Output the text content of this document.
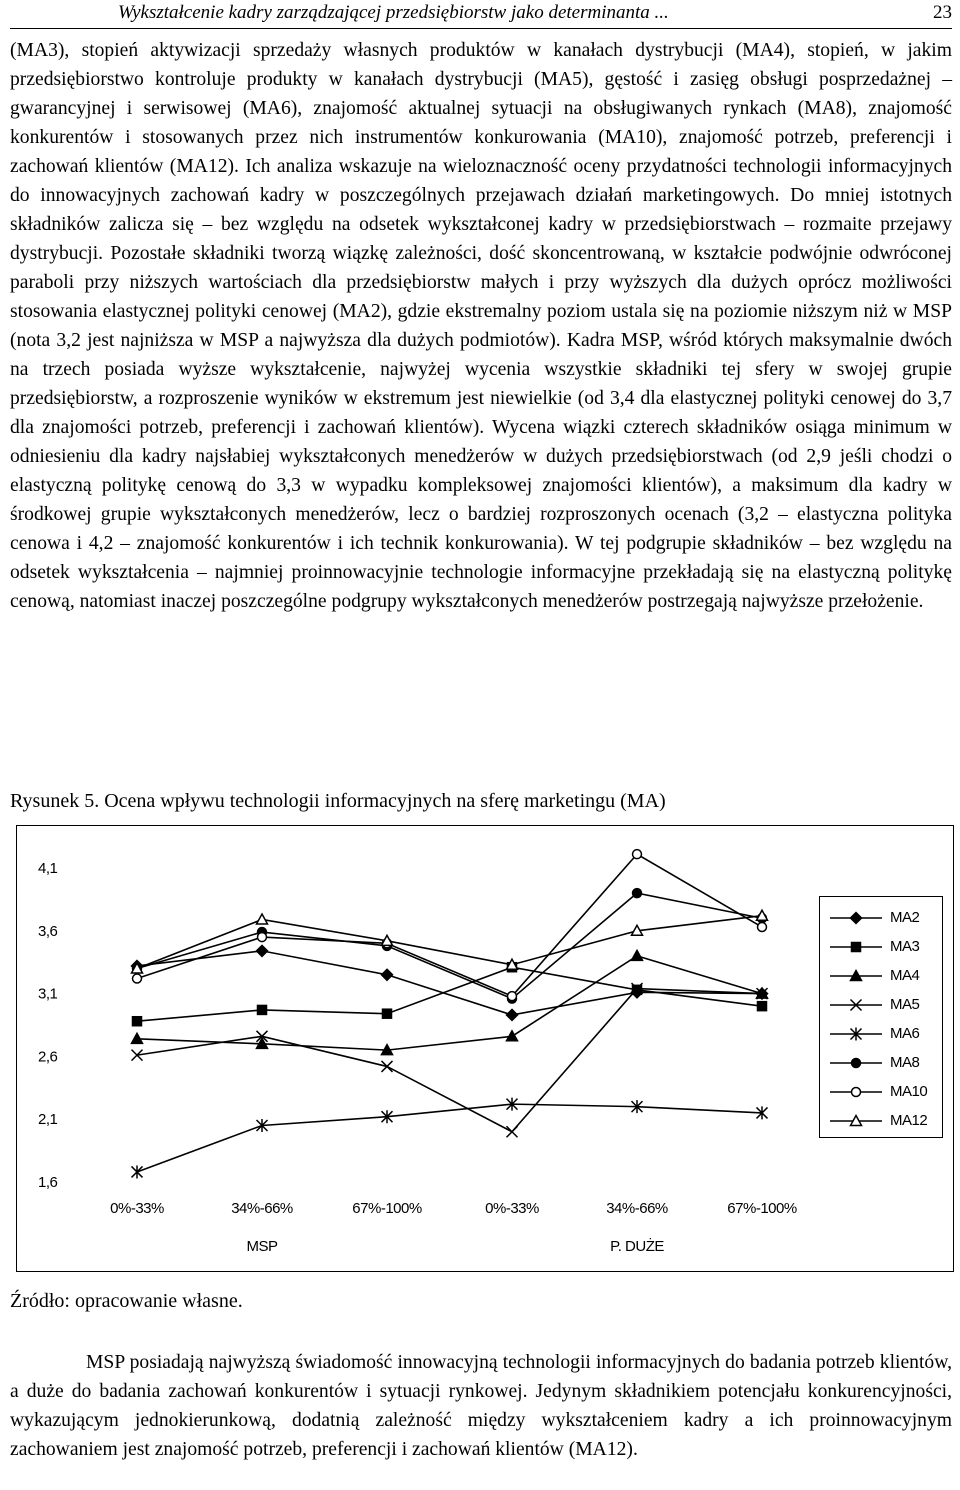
Wykształcenie kadry zarządzającej przedsiębiorstw jako determinanta ...	23
(MA3), stopień aktywizacji sprzedaży własnych produktów w kanałach dystrybucji (MA4), stopień, w jakim przedsiębiorstwo kontroluje produkty w kanałach dystrybucji (MA5), gęstość i zasięg obsługi posprzedażnej – gwarancyjnej i serwisowej (MA6), znajomość aktualnej sytuacji na obsługiwanych rynkach (MA8), znajomość konkurentów i stosowanych przez nich instrumentów konkurowania (MA10), znajomość potrzeb, preferencji i zachowań klientów (MA12). Ich analiza wskazuje na wieloznaczność oceny przydatności technologii informacyjnych do innowacyjnych zachowań kadry w poszczególnych przejawach działań marketingowych. Do mniej istotnych składników zalicza się – bez względu na odsetek wykształconej kadry w przedsiębiorstwach – rozmaite przejawy dystrybucji. Pozostałe składniki tworzą wiązkę zależności, dość skoncentrowaną, w kształcie podwójnie odwróconej paraboli przy niższych wartościach dla przedsiębiorstw małych i przy wyższych dla dużych oprócz możliwości stosowania elastycznej polityki cenowej (MA2), gdzie ekstremalny poziom ustala się na poziomie niższym niż w MSP (nota 3,2 jest najniższa w MSP a najwyższa dla dużych podmiotów). Kadra MSP, wśród których maksymalnie dwóch na trzech posiada wyższe wykształcenie, najwyżej wycenia wszystkie składniki tej sfery w swojej grupie przedsiębiorstw, a rozproszenie wyników w ekstremum jest niewielkie (od 3,4 dla elastycznej polityki cenowej do 3,7 dla znajomości potrzeb, preferencji i zachowań klientów). Wycena wiązki czterech składników osiąga minimum w odniesieniu dla kadry najsłabiej wykształconych menedżerów w dużych przedsiębiorstwach (od 2,9 jeśli chodzi o elastyczną politykę cenową do 3,3 w wypadku kompleksowej znajomości klientów), a maksimum dla kadry w środkowej grupie wykształconych menedżerów, lecz o bardziej rozproszonych ocenach (3,2 – elastyczna polityka cenowa i 4,2 – znajomość konkurentów i ich technik konkurowania). W tej podgrupie składników – bez względu na odsetek wykształcenia – najmniej proinnowacyjnie technologie informacyjne przekładają się na elastyczną politykę cenową, natomiast inaczej poszczególne podgrupy wykształconych menedżerów postrzegają najwyższe przełożenie.
Rysunek 5. Ocena wpływu technologii informacyjnych na sferę marketingu (MA)
1,6
2,1
2,6
3,1
3,6
4,1
0%-33%	34%-66%	67%-100%	0%-33%	34%-66%	67%-100%
MSP	P. DUŻE
MA2
MA3
MA4
MA5
MA6
MA8
MA10
MA12
Źródło: opracowanie własne.
MSP posiadają najwyższą świadomość innowacyjną technologii informacyjnych do badania potrzeb klientów, a duże do badania zachowań konkurentów i sytuacji rynkowej. Jedynym składnikiem potencjału konkurencyjności, wykazującym jednokierunkową, dodatnią zależność między wykształceniem kadry a ich proinnowacyjnym zachowaniem jest znajomość potrzeb, preferencji i zachowań klientów (MA12).
